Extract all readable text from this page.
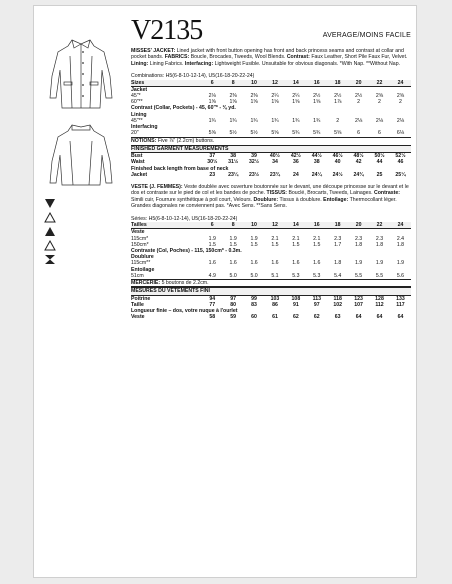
V2135	AVERAGE/MOINS FACILE
MISSES' JACKET: Lined jacket with front button opening has front and back princess seams and contrast at collar and pocket bands. FABRICS: Boucle, Brocades, Tweeds, Wool Blends. Contrast: Faux Leather, Short Pile Faux Fur, Velvet. Lining: Lining Fabrics. Interfacing: Lightweight Fusible. Unsuitable for obvious diagonals. *With Nap. **Without Nap.
Combinations: H5(6-8-10-12-14), U5(16-18-20-22-24)
Sizes	6	8	10	12	14	16	18	20	22	24
Jacket										
45"*	2⅛	2⅜	2⅜	2¼	2¼	2½	2½	2½	2⅝	2⅝
60"**	1⅝	1⅝	1⅝	1⅝	1⅝	1⅝	1⅞	2	2	2
Contrast (Collar, Pockets) - 45, 60"* - ⅜ yd.										
Lining										
45"**	1¾	1¾	1¾	1¾	1¾	1¾	2	2⅛	2⅛	2⅛
Interfacing										
20"	5⅝	5½	5½	5⅝	5¾	5¾	5⅝	6	6	6⅛
NOTIONS: Five ⅞" (2.2cm) buttons.
FINISHED GARMENT MEASUREMENTS
Bust	37	38	39	40½	42½	44½	46½	48½	50½	52½
Waist	30½	31½	32½	34	36	38	40	42	44	46
Finished back length from base of neck										
Jacket	23	23¼	23½	23¾	24	24¼	24½	24¾	25	25¼
VESTE (J. FEMMES): Veste doublée avec ouverture boutonnée sur le devant, une découpe princesse sur le devant et le dos et contraste sur le pied de col et les bandes de poche. TISSUS: Bouclé, Brocarts, Tweeds, Lainages. Contraste: Simili cuir, Fourrure synthétique à poil court, Velours. Doublure: Tissus à doublure. Entoilage: Thermocollant léger. Grandes diagonales ne conviennent pas. *Avec Sens. **Sans Sens.
Séries: H5(6-8-10-12-14), U5(16-18-20-22-24)
Tailles	6	8	10	12	14	16	18	20	22	24
Veste										
115cm*	1.9	1.9	1.9	2.1	2.1	2.1	2.3	2.3	2.3	2.4
150cm*	1.5	1.5	1.5	1.5	1.5	1.5	1.7	1.8	1.8	1.8
Contraste (Col, Poches) - 115, 150cm* - 0.3m.										
Doublure										
115cm**	1.6	1.6	1.6	1.6	1.6	1.6	1.8	1.9	1.9	1.9
Entoilage										
51cm	4.9	5.0	5.0	5.1	5.3	5.3	5.4	5.5	5.5	5.6
MERCERIE: 5 boutons de 2.2cm.
MESURES DU VÊTEMENTS FINI
Poitrine	94	97	99	103	108	113	118	123	128	133
Taille	77	80	83	86	91	97	102	107	112	117
Longueur finie – dos, votre nuque à l'ourlet										
Veste	58	59	60	61	62	62	63	64	64	64
